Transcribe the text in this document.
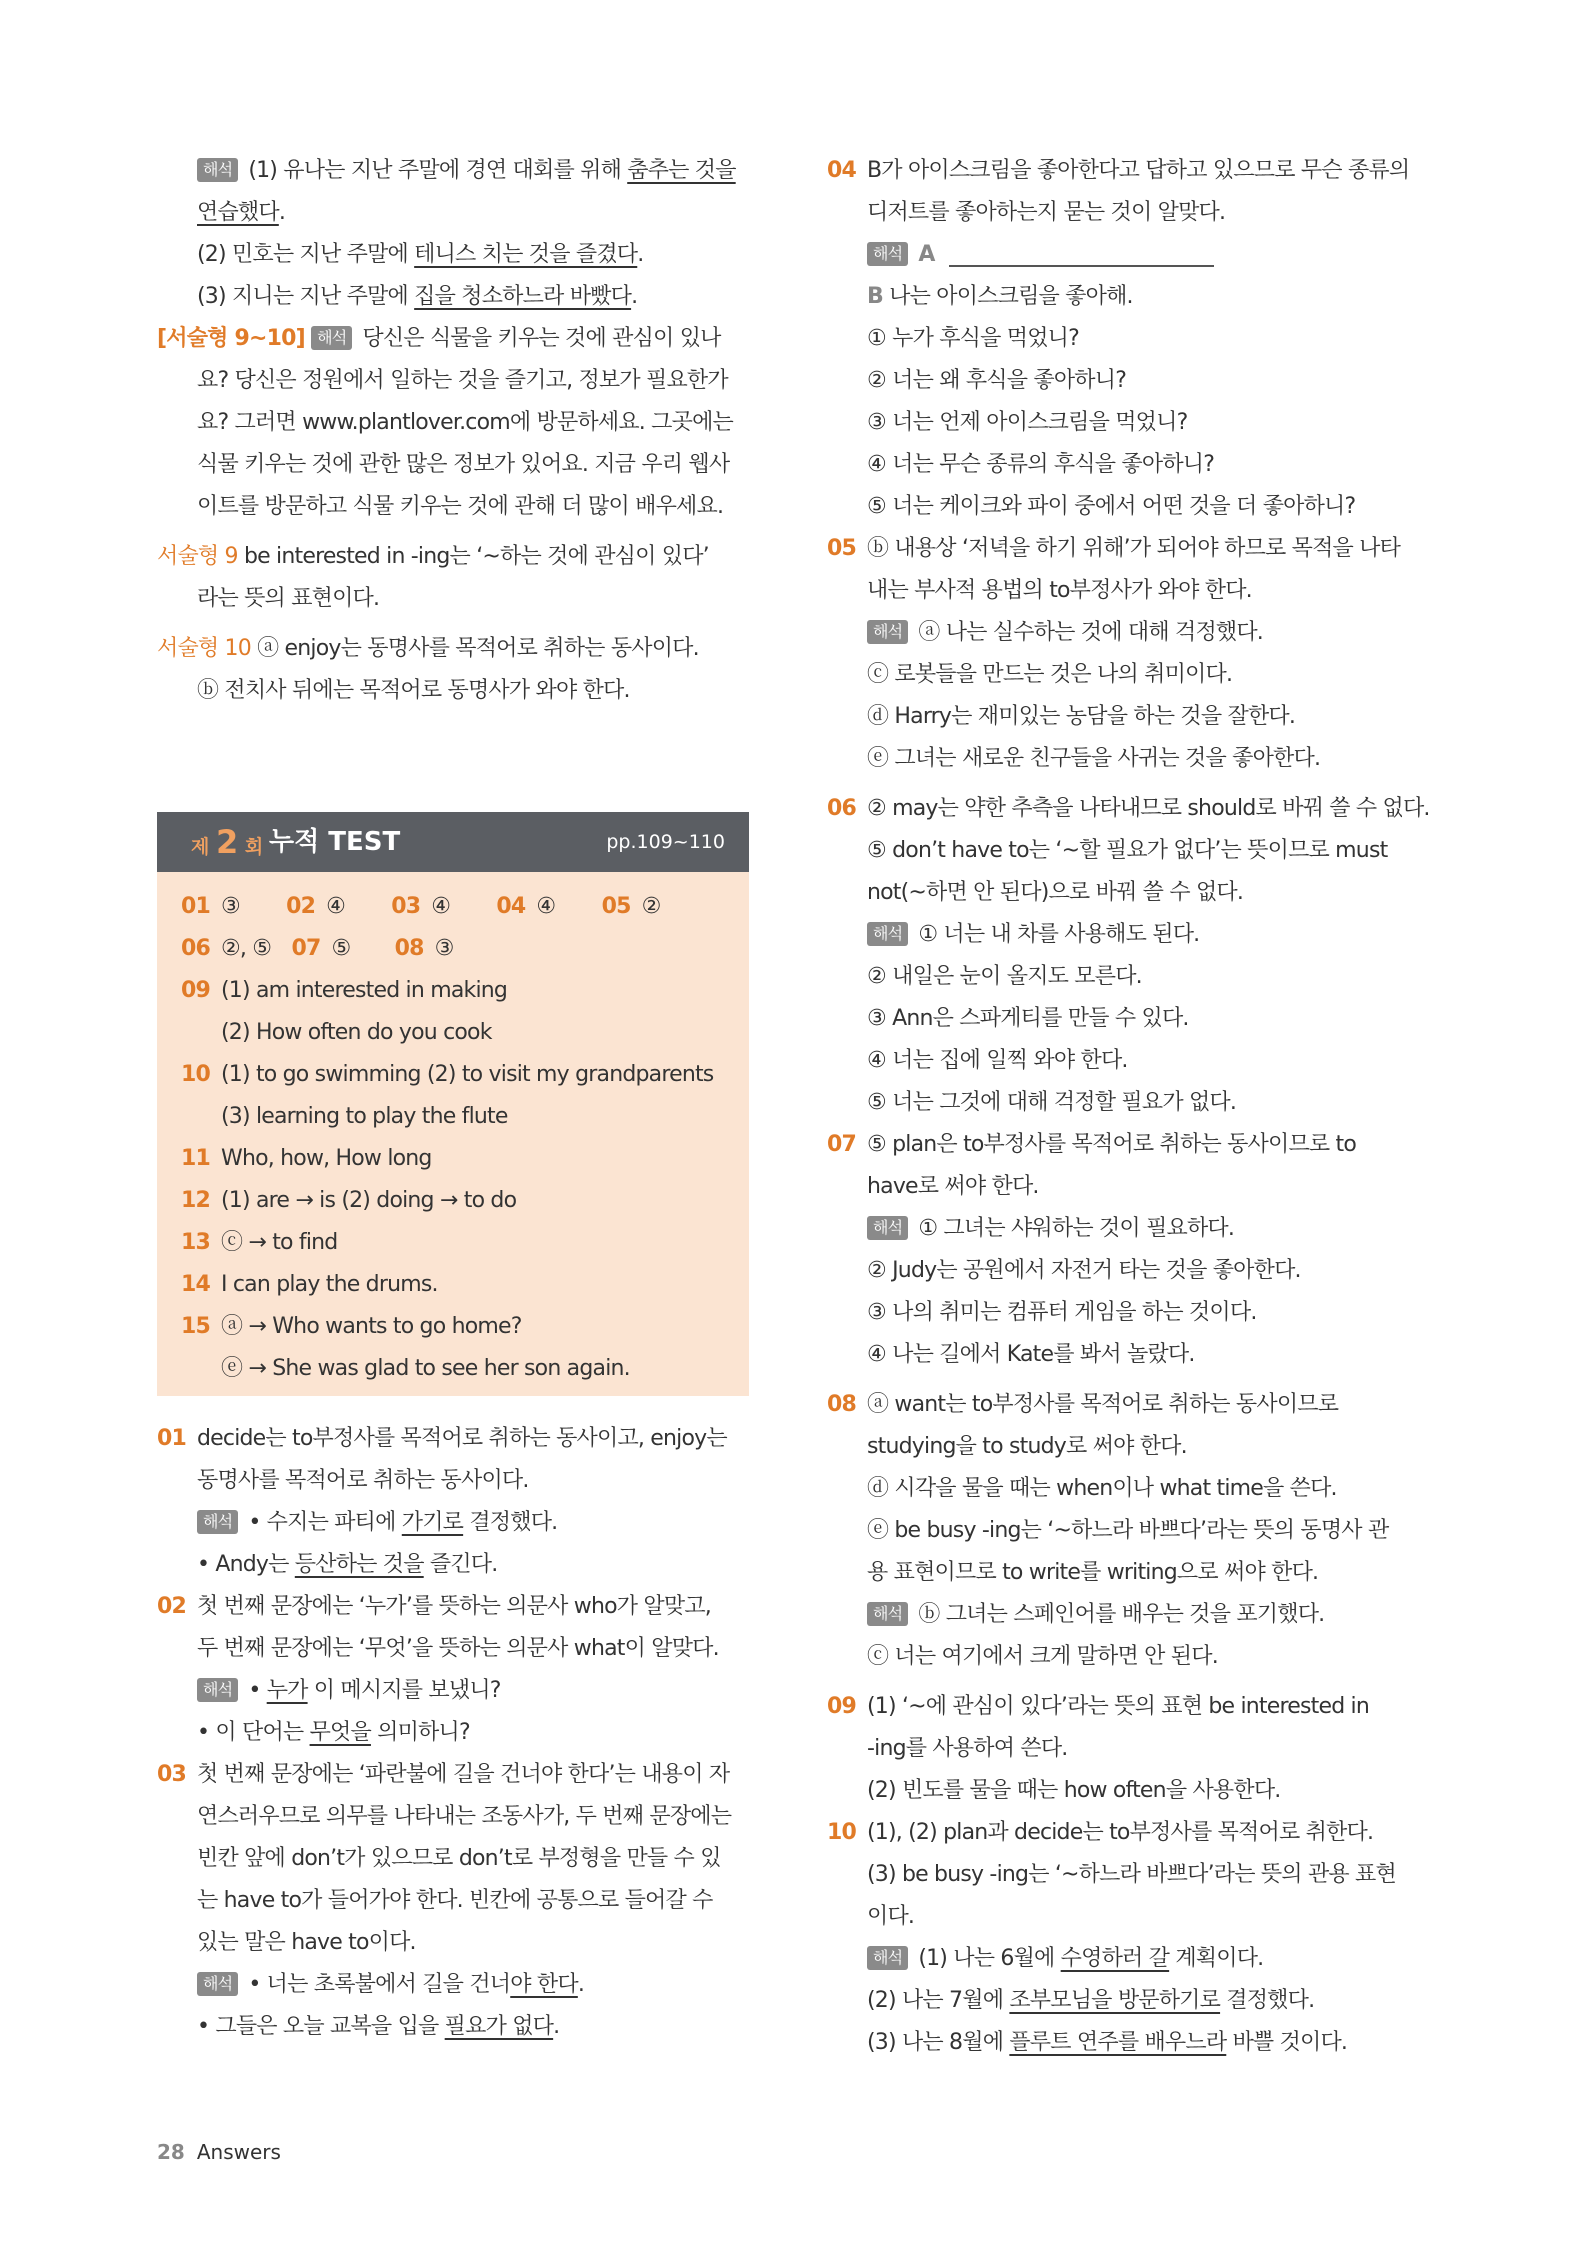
해석 (1) 유나는 지난 주말에 경연 대회를 위해 춤추는 것을
연습했다.
(2) 민호는 지난 주말에 테니스 치는 것을 즐겼다.
(3) 지니는 지난 주말에 집을 청소하느라 바빴다.
[서술형 9~10] 해석 당신은 식물을 키우는 것에 관심이 있나
요? 당신은 정원에서 일하는 것을 즐기고, 정보가 필요한가
요? 그러면 www.plantlover.com에 방문하세요. 그곳에는
식물 키우는 것에 관한 많은 정보가 있어요. 지금 우리 웹사
이트를 방문하고 식물 키우는 것에 관해 더 많이 배우세요.
서술형 9 be interested in -ing는 ‘~하는 것에 관심이 있다’
라는 뜻의 표현이다.
서술형 10 ⓐ enjoy는 동명사를 목적어로 취하는 동사이다.
ⓑ 전치사 뒤에는 목적어로 동명사가 와야 한다.
제 2 회 누적 TEST	pp.109~110
01 ③ 02 ④ 03 ④ 04 ④ 05 ②
06 ②, ⑤ 07 ⑤ 08 ③
09 (1) am interested in making
(2) How often do you cook
10 (1) to go swimming (2) to visit my grandparents
(3) learning to play the flute
11 Who, how, How long
12 (1) are → is (2) doing → to do
13 ⓒ → to find
14 I can play the drums.
15 ⓐ → Who wants to go home?
ⓔ → She was glad to see her son again.
01 decide는 to부정사를 목적어로 취하는 동사이고, enjoy는
동명사를 목적어로 취하는 동사이다.
해석 • 수지는 파티에 가기로 결정했다.
• Andy는 등산하는 것을 즐긴다.
02 첫 번째 문장에는 ‘누가’를 뜻하는 의문사 who가 알맞고,
두 번째 문장에는 ‘무엇’을 뜻하는 의문사 what이 알맞다.
해석 • 누가 이 메시지를 보냈니?
• 이 단어는 무엇을 의미하니?
03 첫 번째 문장에는 ‘파란불에 길을 건너야 한다’는 내용이 자
연스러우므로 의무를 나타내는 조동사가, 두 번째 문장에는
빈칸 앞에 don’t가 있으므로 don’t로 부정형을 만들 수 있
는 have to가 들어가야 한다. 빈칸에 공통으로 들어갈 수
있는 말은 have to이다.
해석 • 너는 초록불에서 길을 건너야 한다.
• 그들은 오늘 교복을 입을 필요가 없다.
04 B가 아이스크림을 좋아한다고 답하고 있으므로 무슨 종류의
디저트를 좋아하는지 묻는 것이 알맞다.
해석 A
B 나는 아이스크림을 좋아해.
① 누가 후식을 먹었니?
② 너는 왜 후식을 좋아하니?
③ 너는 언제 아이스크림을 먹었니?
④ 너는 무슨 종류의 후식을 좋아하니?
⑤ 너는 케이크와 파이 중에서 어떤 것을 더 좋아하니?
05 ⓑ 내용상 ‘저녁을 하기 위해’가 되어야 하므로 목적을 나타
내는 부사적 용법의 to부정사가 와야 한다.
해석 ⓐ 나는 실수하는 것에 대해 걱정했다.
ⓒ 로봇들을 만드는 것은 나의 취미이다.
ⓓ Harry는 재미있는 농담을 하는 것을 잘한다.
ⓔ 그녀는 새로운 친구들을 사귀는 것을 좋아한다.
06 ② may는 약한 추측을 나타내므로 should로 바꿔 쓸 수 없다.
⑤ don’t have to는 ‘~할 필요가 없다’는 뜻이므로 must
not(~하면 안 된다)으로 바꿔 쓸 수 없다.
해석 ① 너는 내 차를 사용해도 된다.
② 내일은 눈이 올지도 모른다.
③ Ann은 스파게티를 만들 수 있다.
④ 너는 집에 일찍 와야 한다.
⑤ 너는 그것에 대해 걱정할 필요가 없다.
07 ⑤ plan은 to부정사를 목적어로 취하는 동사이므로 to
have로 써야 한다.
해석 ① 그녀는 샤워하는 것이 필요하다.
② Judy는 공원에서 자전거 타는 것을 좋아한다.
③ 나의 취미는 컴퓨터 게임을 하는 것이다.
④ 나는 길에서 Kate를 봐서 놀랐다.
08 ⓐ want는 to부정사를 목적어로 취하는 동사이므로
studying을 to study로 써야 한다.
ⓓ 시각을 물을 때는 when이나 what time을 쓴다.
ⓔ be busy -ing는 ‘~하느라 바쁘다’라는 뜻의 동명사 관
용 표현이므로 to write를 writing으로 써야 한다.
해석 ⓑ 그녀는 스페인어를 배우는 것을 포기했다.
ⓒ 너는 여기에서 크게 말하면 안 된다.
09 (1) ‘~에 관심이 있다’라는 뜻의 표현 be interested in
-ing를 사용하여 쓴다.
(2) 빈도를 물을 때는 how often을 사용한다.
10 (1), (2) plan과 decide는 to부정사를 목적어로 취한다.
(3) be busy -ing는 ‘~하느라 바쁘다’라는 뜻의 관용 표현
이다.
해석 (1) 나는 6월에 수영하러 갈 계획이다.
(2) 나는 7월에 조부모님을 방문하기로 결정했다.
(3) 나는 8월에 플루트 연주를 배우느라 바쁠 것이다.
28 Answers
